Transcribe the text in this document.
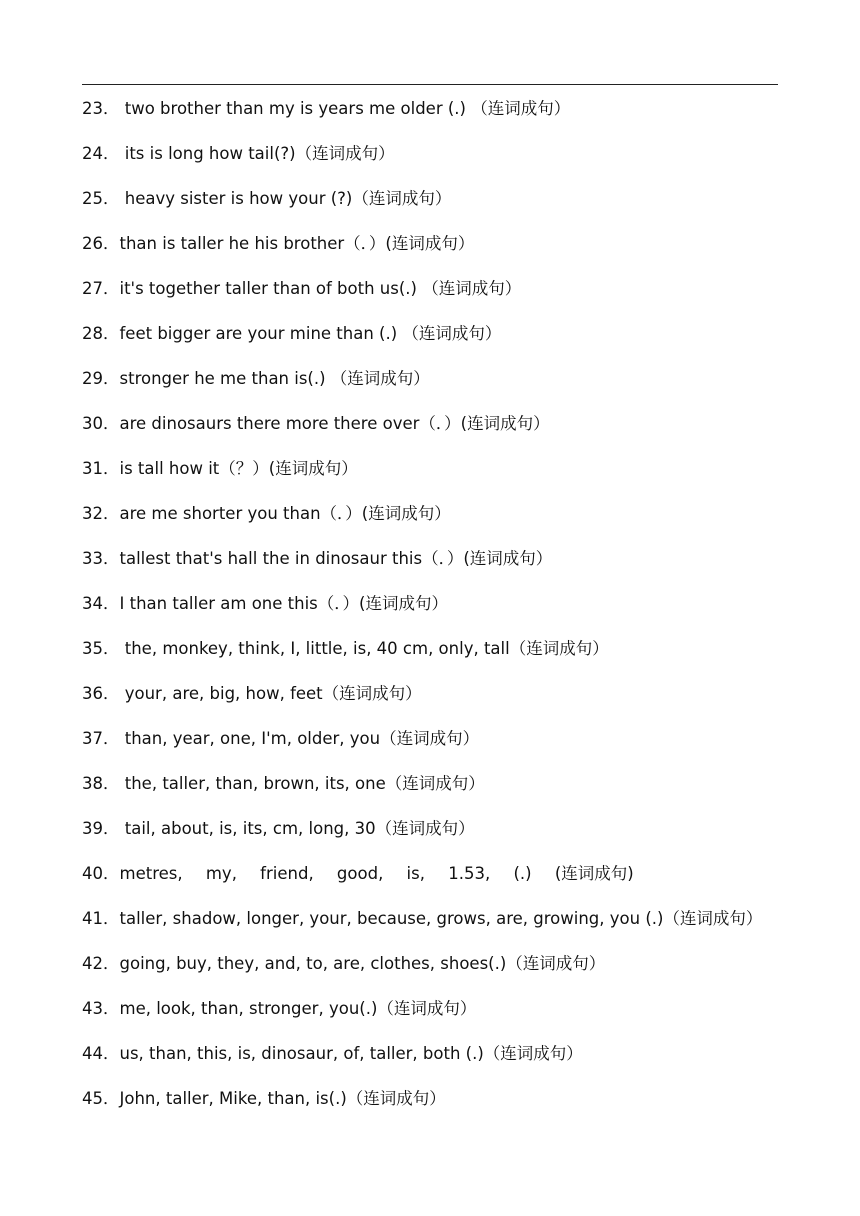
23． two brother than my is years me older (.) （连词成句）
24． its is long how tail(?)（连词成句）
25． heavy sister is how your (?)（连词成句）
26．than is taller he his brother（．）(连词成句）
27．it's together taller than of both us(.) （连词成句）
28．feet bigger are your mine than (.) （连词成句）
29．stronger he me than is(.) （连词成句）
30．are dinosaurs there more there over（．）(连词成句）
31．is tall how it（？）(连词成句）
32．are me shorter you than（．）(连词成句）
33．tallest that's hall the in dinosaur this（．）(连词成句）
34．I than taller am one this（．）(连词成句）
35． the, monkey, think, I, little, is, 40 cm, only, tall（连词成句）
36． your, are, big, how, feet（连词成句）
37． than, year, one, I'm, older, you（连词成句）
38． the, taller, than, brown, its, one（连词成句）
39． tail, about, is, its, cm, long, 30（连词成句）
40．metres, my, friend, good, is, 1.53, (.) (连词成句)
41．taller, shadow, longer, your, because, grows, are, growing, you (.)（连词成句）
42．going, buy, they, and, to, are, clothes, shoes(.)（连词成句）
43．me, look, than, stronger, you(.)（连词成句）
44．us, than, this, is, dinosaur, of, taller, both (.)（连词成句）
45．John, taller, Mike, than, is(.)（连词成句）
